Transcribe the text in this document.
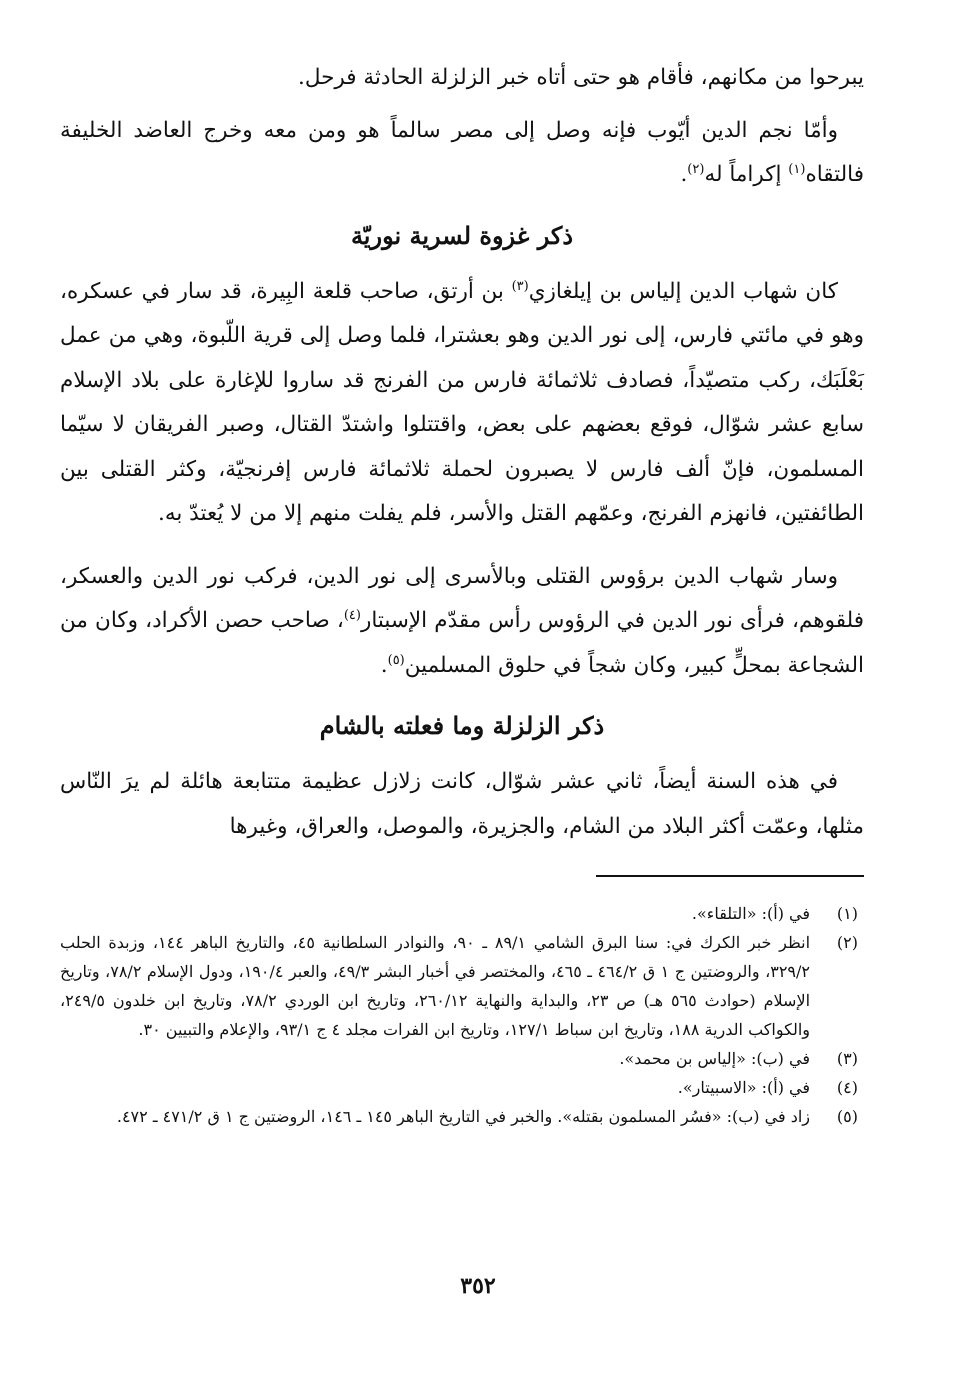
يبرحوا من مكانهم، فأقام هو حتى أتاه خبر الزلزلة الحادثة فرحل.

وأمّا نجم الدين أيّوب فإنه وصل إلى مصر سالماً هو ومن معه وخرج العاضد الخليفة فالتقاه$^{(١)}$ إكراماً له$^{(٢)}$.

ذكر غزوة لسرية نوريّة

كان شهاب الدين إلياس بن إيلغازي$^{(٣)}$ بن أرتق، صاحب قلعة البِيرة، قد سار في عسكره، وهو في مائتي فارس، إلى نور الدين وهو بعشترا، فلما وصل إلى قرية اللّبوة، وهي من عمل بَعْلَبَك، ركب متصيّداً، فصادف ثلاثمائة فارس من الفرنج قد ساروا للإغارة على بلاد الإسلام سابع عشر شوّال، فوقع بعضهم على بعض، واقتتلوا واشتدّ القتال، وصبر الفريقان لا سيّما المسلمون، فإنّ ألف فارس لا يصبرون لحملة ثلاثمائة فارس إفرنجيّة، وكثر القتلى بين الطائفتين، فانهزم الفرنج، وعمّهم القتل والأسر، فلم يفلت منهم إلا من لا يُعتدّ به.

وسار شهاب الدين برؤوس القتلى وبالأسرى إلى نور الدين، فركب نور الدين والعسكر، فلقوهم، فرأى نور الدين في الرؤوس رأس مقدّم الإسبتار$^{(٤)}$، صاحب حصن الأكراد، وكان من الشجاعة بمحلٍّ كبير، وكان شجاً في حلوق المسلمين$^{(٥)}$.

ذكر الزلزلة وما فعلته بالشام

في هذه السنة أيضاً، ثاني عشر شوّال، كانت زلازل عظيمة متتابعة هائلة لم يرَ النّاس مثلها، وعمّت أكثر البلاد من الشام، والجزيرة، والموصل، والعراق، وغيرها

(١)
في (أ): «التلقاء».
(٢)
انظر خبر الكرك في: سنا البرق الشامي ٨٩/١ ـ ٩٠، والنوادر السلطانية ٤٥، والتاريخ الباهر ١٤٤، وزبدة الحلب ٣٢٩/٢، والروضتين ج ١ ق ٤٦٤/٢ ـ ٤٦٥، والمختصر في أخبار البشر ٤٩/٣، والعبر ١٩٠/٤، ودول الإسلام ٧٨/٢، وتاريخ الإسلام (حوادث ٥٦٥ هـ) ص ٢٣، والبداية والنهاية ٢٦٠/١٢، وتاريخ ابن الوردي ٧٨/٢، وتاريخ ابن خلدون ٢٤٩/٥، والكواكب الدرية ١٨٨، وتاريخ ابن سباط ١٢٧/١، وتاريخ ابن الفرات مجلد ٤ ج ٩٣/١، والإعلام والتبيين ٣٠.
(٣)
في (ب): «إلياس بن محمد».
(٤)
في (أ): «الاسبيتار».
(٥)
زاد في (ب): «فسُر المسلمون بقتله». والخبر في التاريخ الباهر ١٤٥ ـ ١٤٦، الروضتين ج ١ ق ٤٧١/٢ ـ ٤٧٢.
٣٥٢
